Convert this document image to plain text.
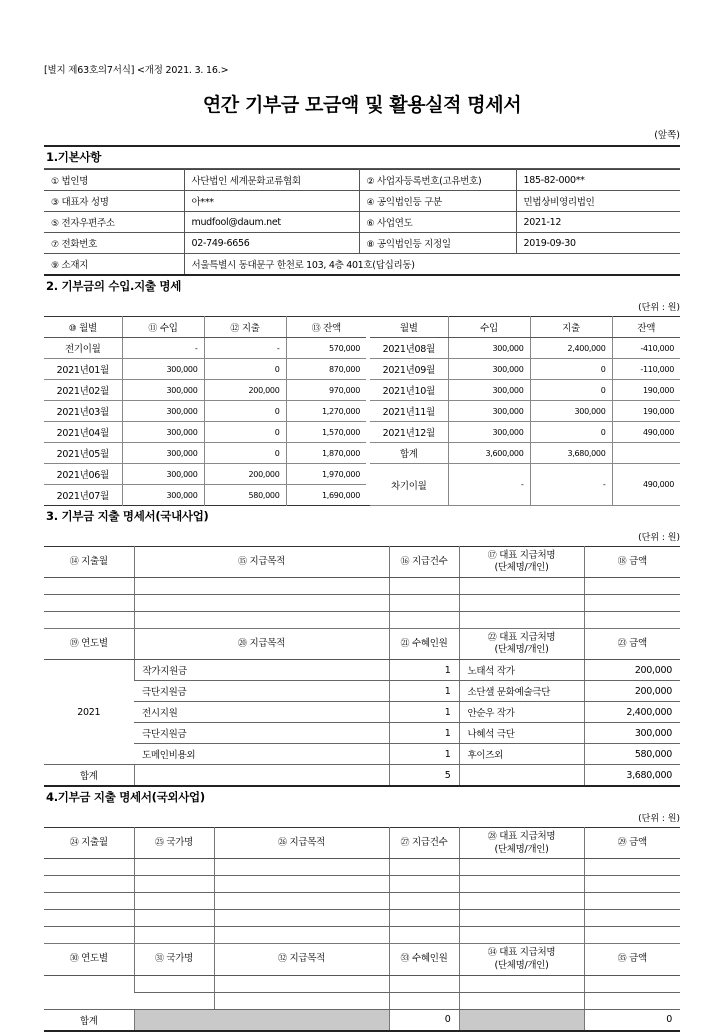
[별지 제63호의7서식] <개정 2021. 3. 16.>
연간 기부금 모금액 및 활용실적 명세서
(앞쪽)
1.기본사항
① 법인명	사단법인 세계문화교류협회	② 사업자등록번호(고유번호)	185-82-000**
③ 대표자 성명	아***	④ 공익법인등 구분	민법상비영리법인
⑤ 전자우편주소	mudfool@daum.net	⑥ 사업연도	2021-12
⑦ 전화번호	02-749-6656	⑧ 공익법인등 지정일	2019-09-30
⑨ 소재지	서울특별시 동대문구 한천로 103, 4층 401호(답십리동)		
2. 기부금의 수입.지출 명세
(단위 : 원)
⑩ 월별	⑪ 수입	⑫ 지출	⑬ 잔액		월별	수입	지출	잔액
전기이월	-	-	570,000		2021년08월	300,000	2,400,000	-410,000
2021년01월	300,000	0	870,000		2021년09월	300,000	0	-110,000
2021년02월	300,000	200,000	970,000		2021년10월	300,000	0	190,000
2021년03월	300,000	0	1,270,000		2021년11월	300,000	300,000	190,000
2021년04월	300,000	0	1,570,000		2021년12월	300,000	0	490,000
2021년05월	300,000	0	1,870,000		합계	3,600,000	3,680,000	
2021년06월	300,000	200,000	1,970,000		차기이월	-	-	490,000
2021년07월	300,000	580,000	1,690,000					
3. 기부금 지출 명세서(국내사업)
(단위 : 원)
⑭ 지출월	⑮ 지급목적	⑯ 지급건수	⑰ 대표 지급처명
(단체명/개인)	⑱ 금액

⑲ 연도별	⑳ 지급목적	㉑ 수혜인원	㉒ 대표 지급처명
(단체명/개인)	㉓ 금액
2021	작가지원금	1	노태석 작가	200,000
	극단지원금	1	소단샐 문화예술극단	200,000
	전시지원	1	안순우 작가	2,400,000
	극단지원금	1	나혜석 극단	300,000
	도메인비용외	1	후이즈외	580,000
합계		5		3,680,000
4.기부금 지출 명세서(국외사업)
(단위 : 원)
㉔ 지출월	㉕ 국가명	㉖ 지급목적	㉗ 지급건수	㉘ 대표 지급처명
(단체명/개인)	㉙ 금액

㉚ 연도별	㉛ 국가명	㉜ 지급목적	㉝ 수혜인원	㉞ 대표 지급처명
(단체명/개인)	㉟ 금액

합계			0		0
